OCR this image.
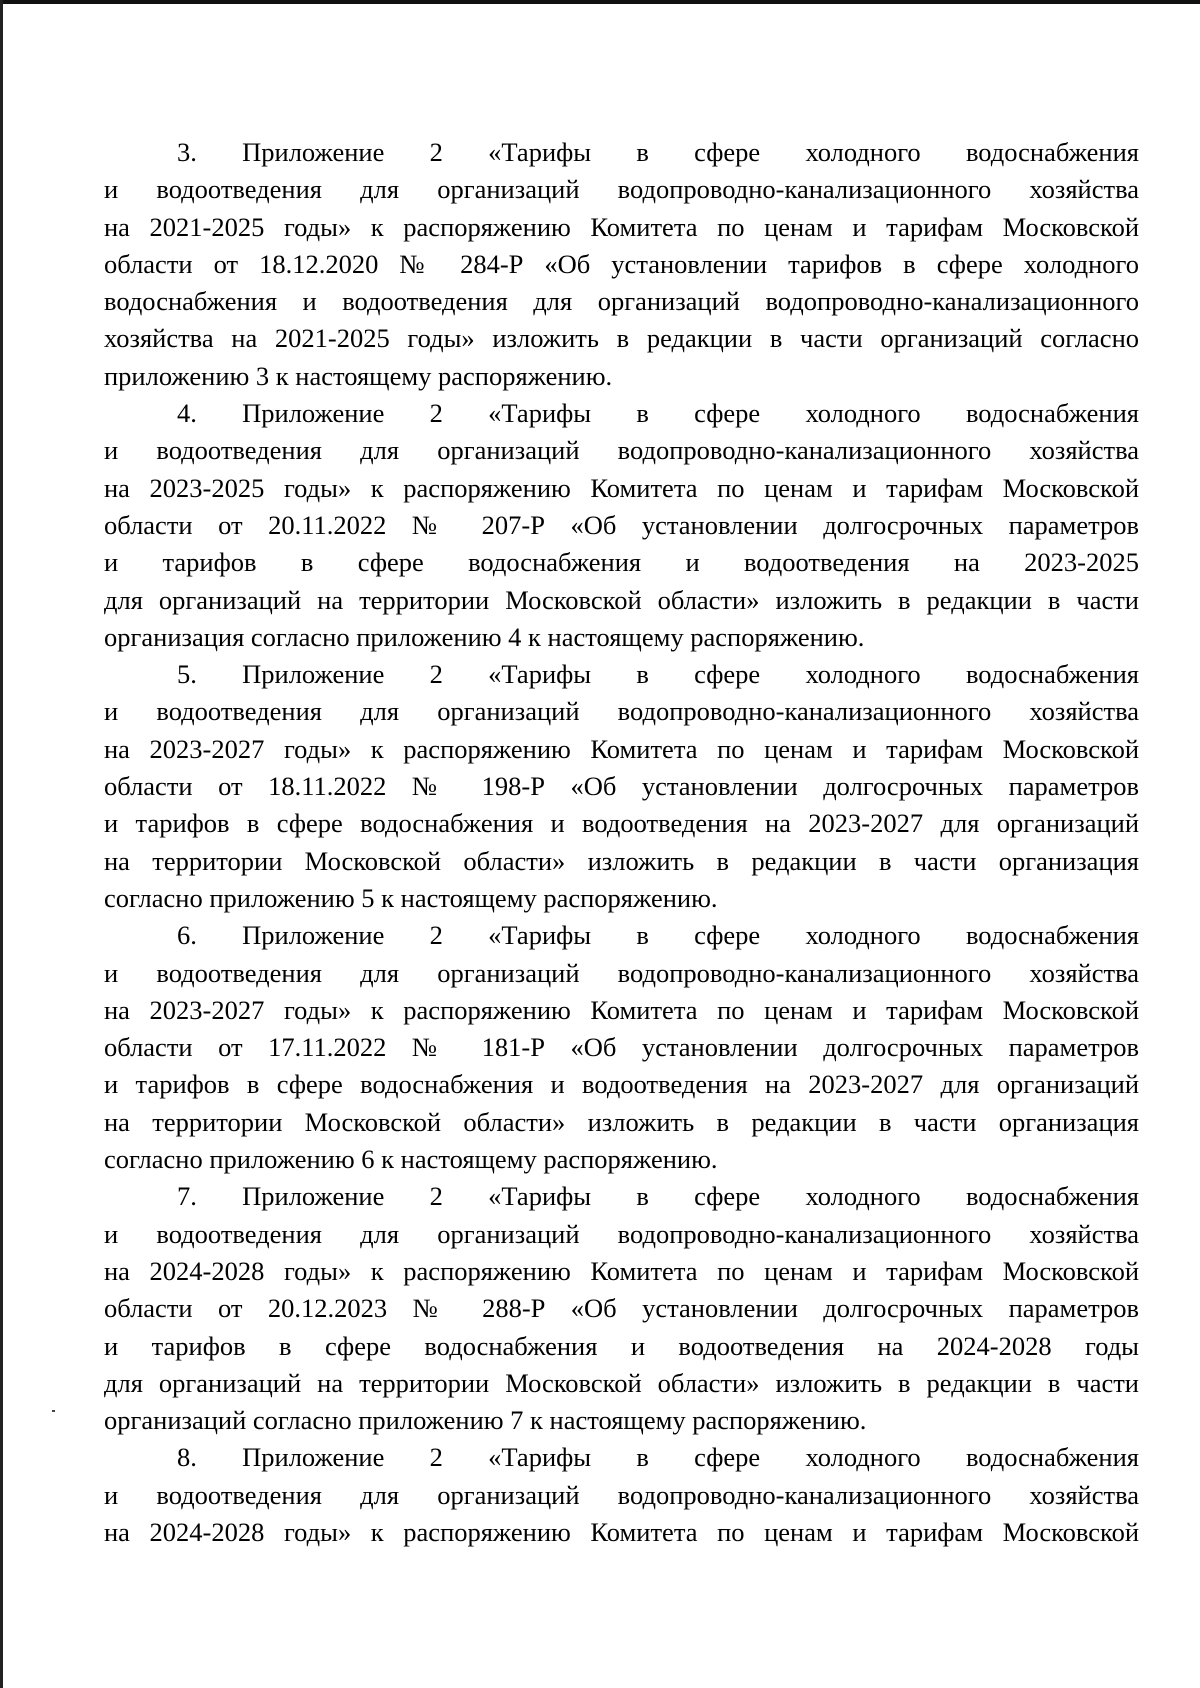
3. Приложение 2 «Тарифы в сфере холодного водоснабжения
и водоотведения для организаций водопроводно-канализационного хозяйства
на 2021-2025 годы» к распоряжению Комитета по ценам и тарифам Московской
области от 18.12.2020 № 284-Р «Об установлении тарифов в сфере холодного
водоснабжения и водоотведения для организаций водопроводно-канализационного
хозяйства на 2021-2025 годы» изложить в редакции в части организаций согласно
приложению 3 к настоящему распоряжению.

4. Приложение 2 «Тарифы в сфере холодного водоснабжения
и водоотведения для организаций водопроводно-канализационного хозяйства
на 2023-2025 годы» к распоряжению Комитета по ценам и тарифам Московской
области от 20.11.2022 № 207-Р «Об установлении долгосрочных параметров
и тарифов в сфере водоснабжения и водоотведения на 2023-2025
для организаций на территории Московской области» изложить в редакции в части
организация согласно приложению 4 к настоящему распоряжению.

5. Приложение 2 «Тарифы в сфере холодного водоснабжения
и водоотведения для организаций водопроводно-канализационного хозяйства
на 2023-2027 годы» к распоряжению Комитета по ценам и тарифам Московской
области от 18.11.2022 № 198-Р «Об установлении долгосрочных параметров
и тарифов в сфере водоснабжения и водоотведения на 2023-2027 для организаций
на территории Московской области» изложить в редакции в части организация
согласно приложению 5 к настоящему распоряжению.

6. Приложение 2 «Тарифы в сфере холодного водоснабжения
и водоотведения для организаций водопроводно-канализационного хозяйства
на 2023-2027 годы» к распоряжению Комитета по ценам и тарифам Московской
области от 17.11.2022 № 181-Р «Об установлении долгосрочных параметров
и тарифов в сфере водоснабжения и водоотведения на 2023-2027 для организаций
на территории Московской области» изложить в редакции в части организация
согласно приложению 6 к настоящему распоряжению.

7. Приложение 2 «Тарифы в сфере холодного водоснабжения
и водоотведения для организаций водопроводно-канализационного хозяйства
на 2024-2028 годы» к распоряжению Комитета по ценам и тарифам Московской
области от 20.12.2023 № 288-Р «Об установлении долгосрочных параметров
и тарифов в сфере водоснабжения и водоотведения на 2024-2028 годы
для организаций на территории Московской области» изложить в редакции в части
организаций согласно приложению 7 к настоящему распоряжению.

8. Приложение 2 «Тарифы в сфере холодного водоснабжения
и водоотведения для организаций водопроводно-канализационного хозяйства
на 2024-2028 годы» к распоряжению Комитета по ценам и тарифам Московской
